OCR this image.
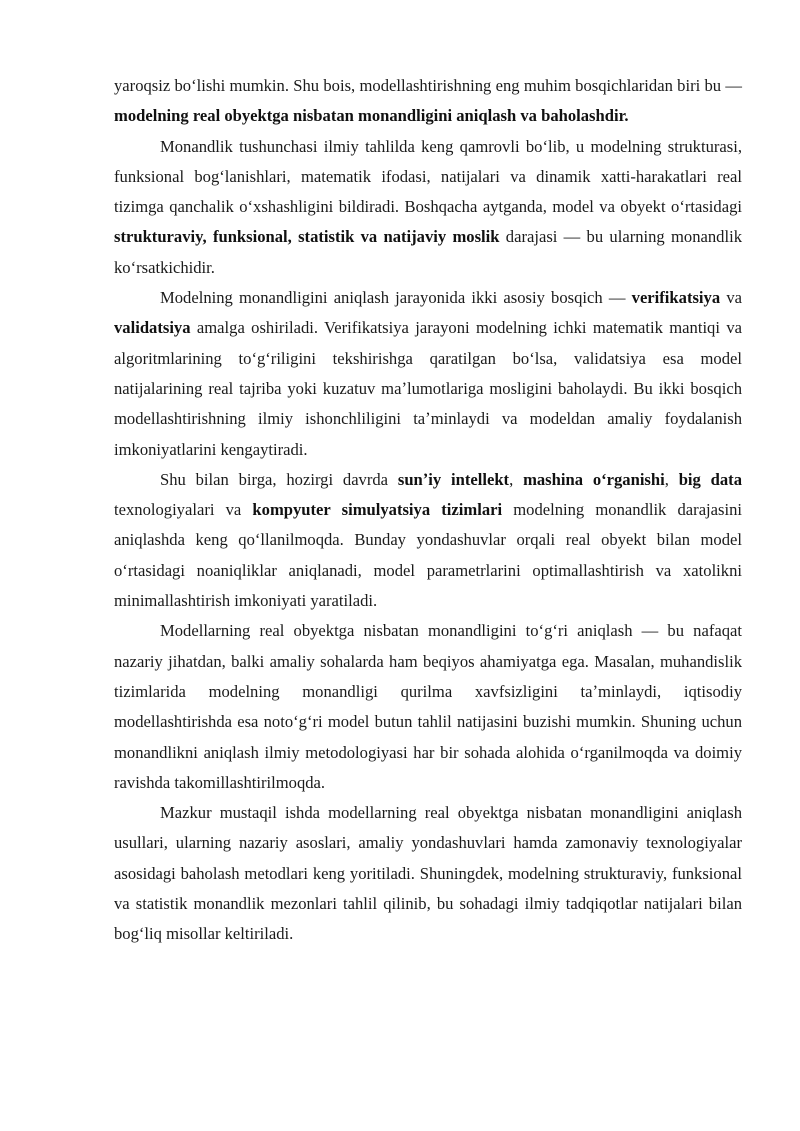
yaroqsiz boʻlishi mumkin. Shu bois, modellashtirishning eng muhim bosqichlaridan biri bu — modelning real obyektga nisbatan monandligini aniqlash va baholashdir.

Monandlik tushunchasi ilmiy tahlilda keng qamrovli boʻlib, u modelning strukturasi, funksional bogʻlanishlari, matematik ifodasi, natijalari va dinamik xatti-harakatlari real tizimga qanchalik oʻxshashligini bildiradi. Boshqacha aytganda, model va obyekt oʻrtasidagi strukturaviy, funksional, statistik va natijaviy moslik darajasi — bu ularning monandlik koʻrsatkichidir.

Modelning monandligini aniqlash jarayonida ikki asosiy bosqich — verifikatsiya va validatsiya amalga oshiriladi. Verifikatsiya jarayoni modelning ichki matematik mantiqi va algoritmlarining toʻgʻriligini tekshirishga qaratilgan boʻlsa, validatsiya esa model natijalarining real tajriba yoki kuzatuv maʼlumotlariga mosligini baholaydi. Bu ikki bosqich modellashtirishning ilmiy ishonchliligini taʼminlaydi va modeldan amaliy foydalanish imkoniyatlarini kengaytiradi.

Shu bilan birga, hozirgi davrda sunʼiy intellekt, mashina oʻrganishi, big data texnologiyalari va kompyuter simulyatsiya tizimlari modelning monandlik darajasini aniqlashda keng qoʻllanilmoqda. Bunday yondashuvlar orqali real obyekt bilan model oʻrtasidagi noaniqliklar aniqlanadi, model parametrlarini optimallashtirish va xatolikni minimallashtirish imkoniyati yaratiladi.

Modellarning real obyektga nisbatan monandligini toʻgʻri aniqlash — bu nafaqat nazariy jihatdan, balki amaliy sohalarda ham beqiyos ahamiyatga ega. Masalan, muhandislik tizimlarida modelning monandligi qurilma xavfsizligini taʼminlaydi, iqtisodiy modellashtirishda esa notoʻgʻri model butun tahlil natijasini buzishi mumkin. Shuning uchun monandlikni aniqlash ilmiy metodologiyasi har bir sohada alohida oʻrganilmoqda va doimiy ravishda takomillashtirilmoqda.

Mazkur mustaqil ishda modellarning real obyektga nisbatan monandligini aniqlash usullari, ularning nazariy asoslari, amaliy yondashuvlari hamda zamonaviy texnologiyalar asosidagi baholash metodlari keng yoritiladi. Shuningdek, modelning strukturaviy, funksional va statistik monandlik mezonlari tahlil qilinib, bu sohadagi ilmiy tadqiqotlar natijalari bilan bogʻliq misollar keltiriladi.
